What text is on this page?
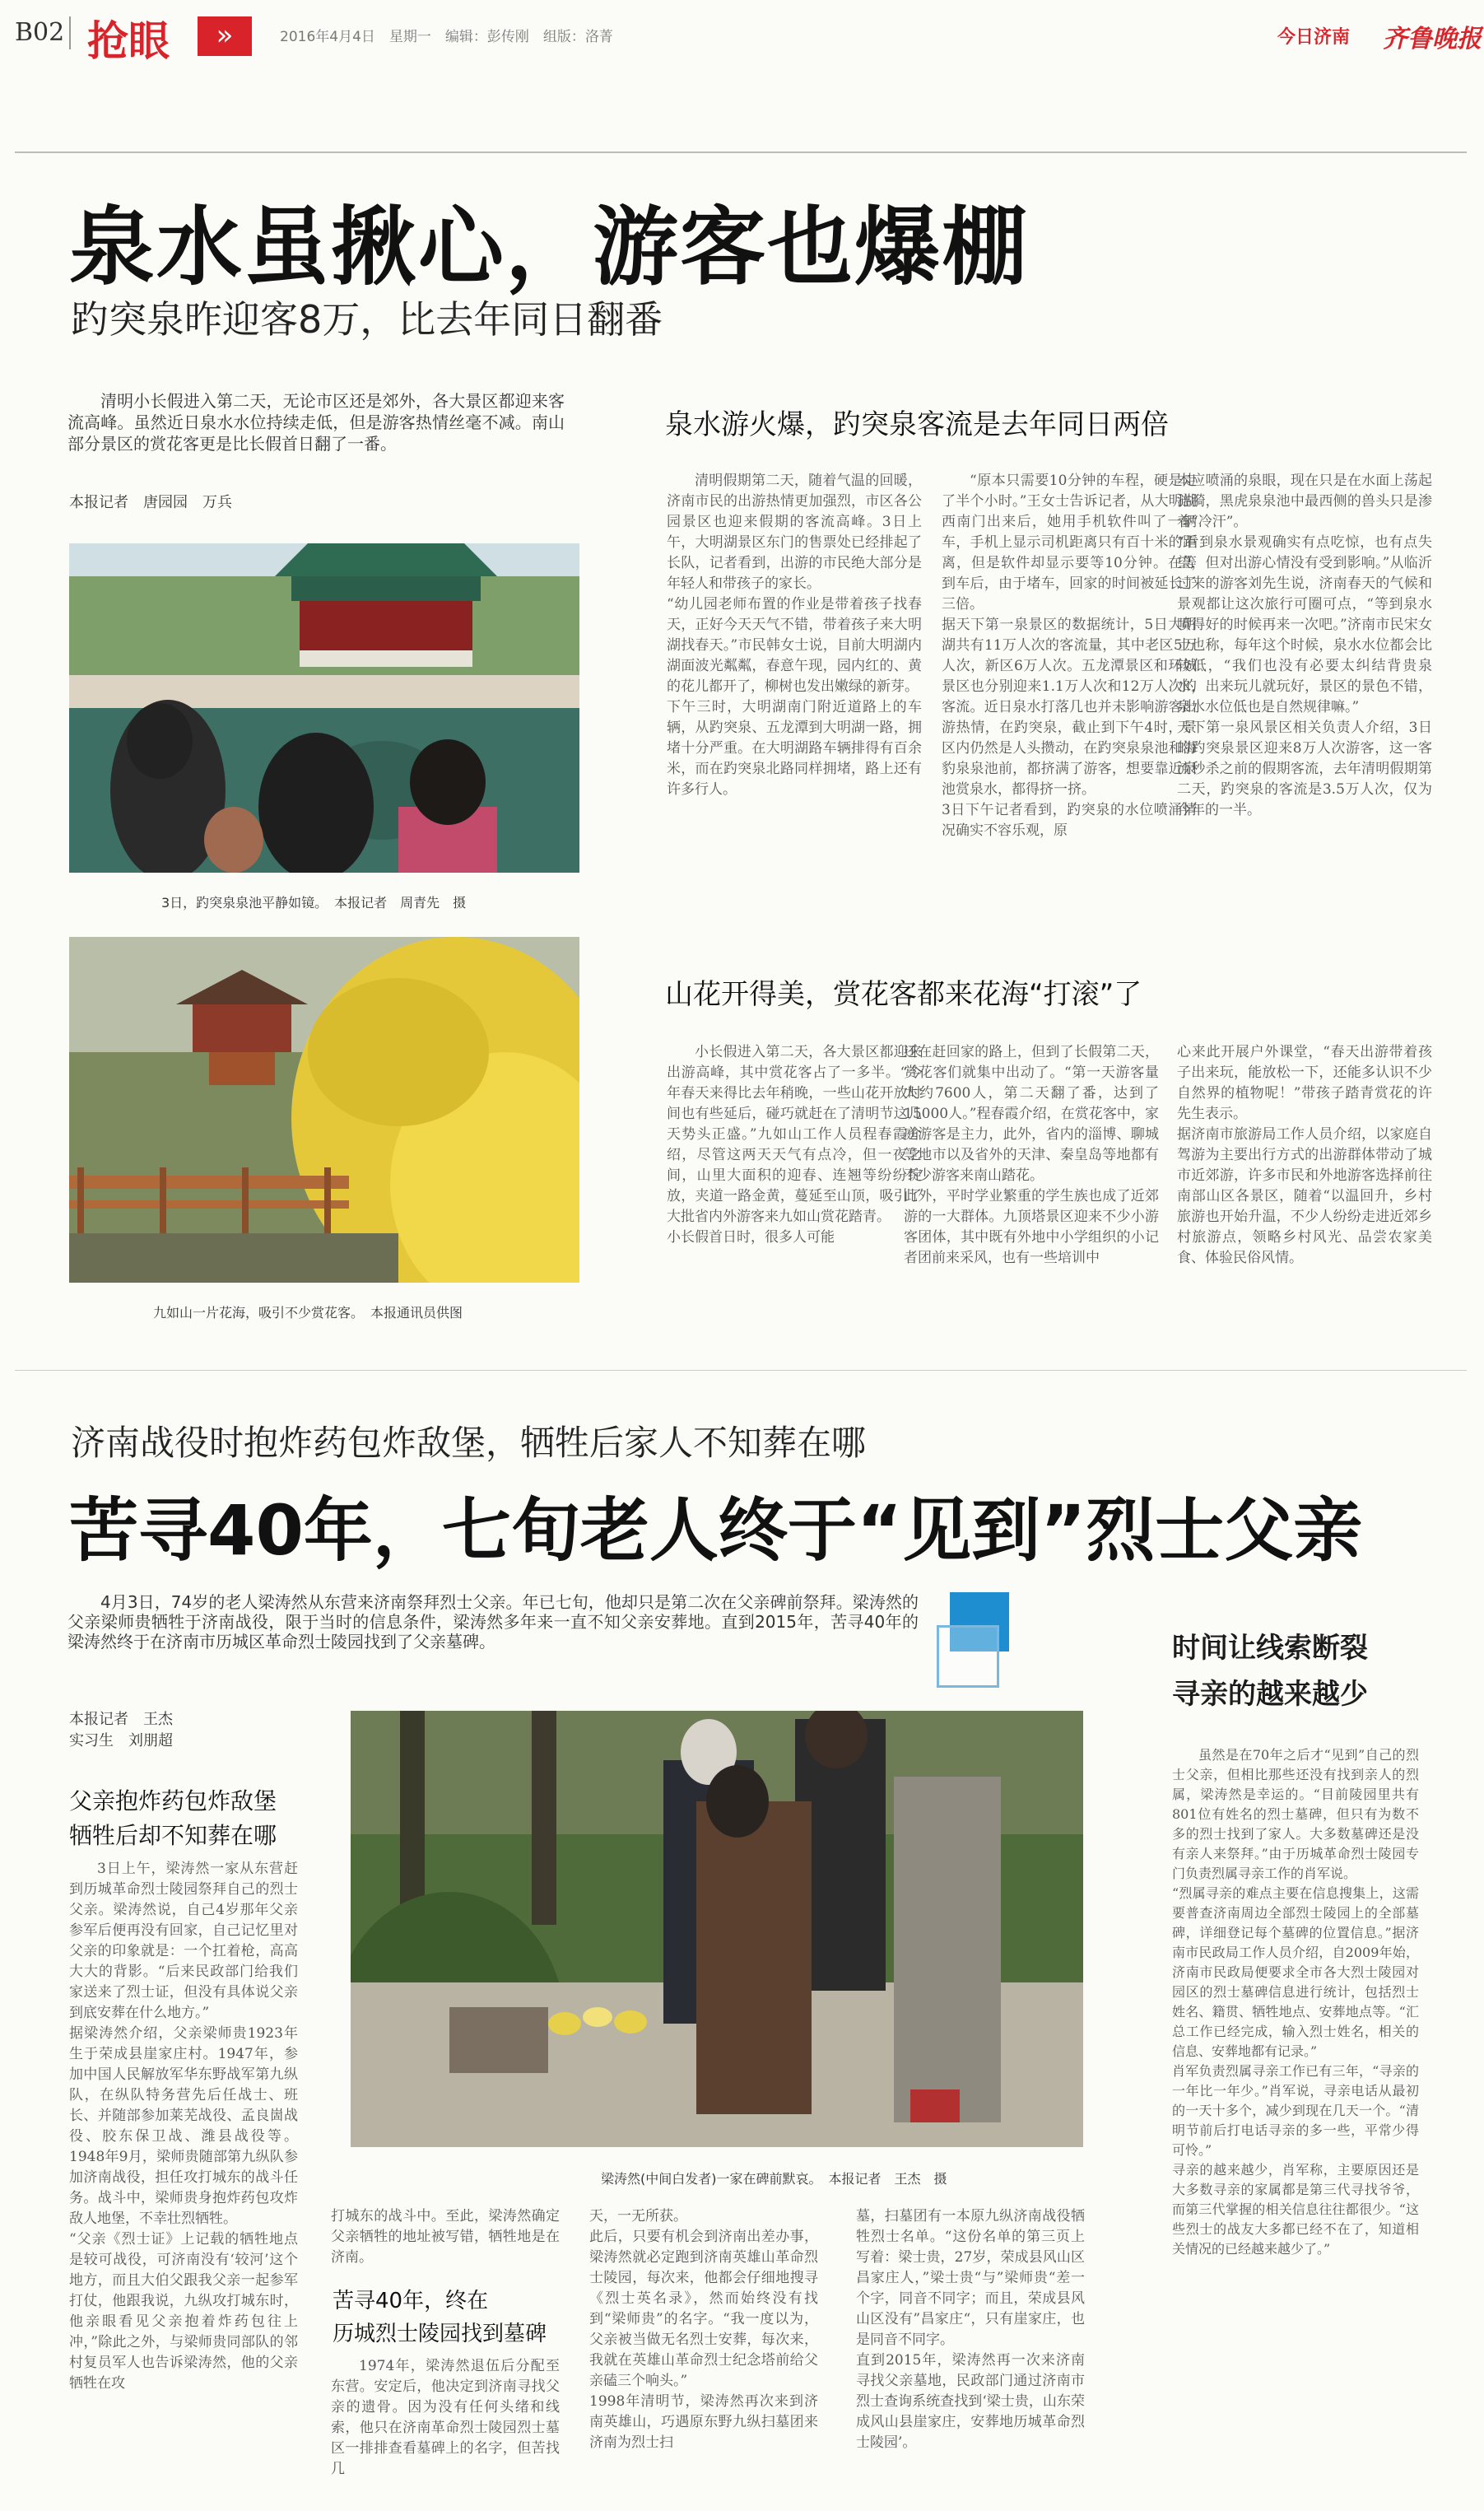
B02 抢眼	»	2016年4月4日　星期一　编辑：彭传刚　组版：洛菁	今日济南 齐鲁晚报
泉水虽揪心，游客也爆棚
趵突泉昨迎客8万，比去年同日翻番

清明小长假进入第二天，无论市区还是郊外，各大景区都迎来客流高峰。虽然近日泉水水位持续走低，但是游客热情丝毫不减。南山部分景区的赏花客更是比长假首日翻了一番。

本报记者　唐园园　万兵
3日，趵突泉泉池平静如镜。　本报记者　周青先　摄
九如山一片花海，吸引不少赏花客。　本报通讯员供图
泉水游火爆，趵突泉客流是去年同日两倍
清明假期第二天，随着气温的回暖，济南市民的出游热情更加强烈，市区各公园景区也迎来假期的客流高峰。3日上午，大明湖景区东门的售票处已经排起了长队，记者看到，出游的市民绝大部分是年轻人和带孩子的家长。
“幼儿园老师布置的作业是带着孩子找春天，正好今天天气不错，带着孩子来大明湖找春天。”市民韩女士说，目前大明湖内湖面波光粼粼，春意午现，园内红的、黄的花儿都开了，柳树也发出嫩绿的新芽。
下午三时，大明湖南门附近道路上的车辆，从趵突泉、五龙潭到大明湖一路，拥堵十分严重。在大明湖路车辆排得有百余米，而在趵突泉北路同样拥堵，路上还有许多行人。
“原本只需要10分钟的车程，硬是走了半个小时。”王女士告诉记者，从大明湖西南门出来后，她用手机软件叫了一辆车，手机上显示司机距离只有百十米的距离，但是软件却显示要等10分钟。在等到车后，由于堵车，回家的时间被延长了三倍。
据天下第一泉景区的数据统计，5日大明湖共有11万人次的客流量，其中老区5万人次，新区6万人次。五龙潭景区和环城景区也分别迎来1.1万人次和12万人次的客流。近日泉水打落几也并未影响游客出游热情，在趵突泉，截止到下午4时，景区内仍然是人头攒动，在趵突泉泉池和海豹泉泉池前，都挤满了游客，想要靠近泉池赏泉水，都得挤一挤。
3日下午记者看到，趵突泉的水位喷涌情况确实不容乐观，原
本应喷涌的泉眼，现在只是在水面上荡起涟漪，黑虎泉泉池中最西侧的兽头只是渗着“冷汗”。
“看到泉水景观确实有点吃惊，也有点失望，但对出游心情没有受到影响。”从临沂过来的游客刘先生说，济南春天的气候和景观都让这次旅行可圈可点，“等到泉水喷得好的时候再来一次吧。”济南市民宋女士也称，每年这个时候，泉水水位都会比较低，“我们也没有必要太纠结背贵泉水，出来玩儿就玩好，景区的景色不错，泉水水位低也是自然规律嘛。”
天下第一泉风景区相关负责人介绍，3日的趵突泉景区迎来8万人次游客，这一客流秒杀之前的假期客流，去年清明假期第二天，趵突泉的客流是3.5万人次，仅为今年的一半。
山花开得美，赏花客都来花海“打滚”了
小长假进入第二天，各大景区都迎来出游高峰，其中赏花客占了一多半。“今年春天来得比去年稍晚，一些山花开放时间也有些延后，碰巧就赶在了清明节这几天势头正盛。”九如山工作人员程春霞介绍，尽管这两天天气有点冷，但一夜之间，山里大面积的迎春、连翘等纷纷绽放，夹道一路金黄，蔓延至山顶，吸引了大批省内外游客来九如山赏花踏青。
小长假首日时，很多人可能
还在赶回家的路上，但到了长假第二天，赏花客们就集中出动了。“第一天游客量大约7600人，第二天翻了番，达到了15000人。”程春霞介绍，在赏花客中，家庭游客是主力，此外，省内的淄博、聊城等地市以及省外的天津、秦皇岛等地都有不少游客来南山踏花。
此外，平时学业繁重的学生族也成了近郊游的一大群体。九顶塔景区迎来不少小游客团体，其中既有外地中小学组织的小记者团前来采风，也有一些培训中
心来此开展户外课堂，“春天出游带着孩子出来玩，能放松一下，还能多认识不少自然界的植物呢！”带孩子踏青赏花的许先生表示。
据济南市旅游局工作人员介绍，以家庭自驾游为主要出行方式的出游群体带动了城市近郊游，许多市民和外地游客选择前往南部山区各景区，随着“以温回升，乡村旅游也开始升温，不少人纷纷走进近郊乡村旅游点，领略乡村风光、品尝农家美食、体验民俗风情。
济南战役时抱炸药包炸敌堡，牺牲后家人不知葬在哪
苦寻40年，七旬老人终于“见到”烈士父亲

4月3日，74岁的老人梁涛然从东营来济南祭拜烈士父亲。年已七旬，他却只是第二次在父亲碑前祭拜。梁涛然的父亲梁师贵牺牲于济南战役，限于当时的信息条件，梁涛然多年来一直不知父亲安葬地。直到2015年，苦寻40年的梁涛然终于在济南市历城区革命烈士陵园找到了父亲墓碑。	时间让线索断裂
寻亲的越来越少
本报记者　王杰
实习生　刘朋超
父亲抱炸药包炸敌堡
牺牲后却不知葬在哪
3日上午，梁涛然一家从东营赶到历城革命烈士陵园祭拜自己的烈士父亲。梁涛然说，自己4岁那年父亲参军后便再没有回家，自己记忆里对父亲的印象就是：一个扛着枪，高高大大的背影。“后来民政部门给我们家送来了烈士证，但没有具体说父亲到底安葬在什么地方。”
据梁涛然介绍，父亲梁师贵1923年生于荣成县崖家庄村。1947年，参加中国人民解放军华东野战军第九纵队，在纵队特务营先后任战士、班长、并随部参加莱芜战役、孟良崮战役、胶东保卫战、潍县战役等。1948年9月，梁师贵随部第九纵队参加济南战役，担任攻打城东的战斗任务。战斗中，梁师贵身抱炸药包攻炸敌人地堡，不幸壮烈牺牲。
“父亲《烈士证》上记载的牺牲地点是较可战役，可济南没有‘较河’这个地方，而且大伯父跟我父亲一起参军打仗，他跟我说，九纵攻打城东时，他亲眼看见父亲抱着炸药包往上冲，”除此之外，与梁师贵同部队的邻村复员军人也告诉梁涛然，他的父亲牺牲在攻
梁涛然(中间白发者)一家在碑前默哀。　本报记者　王杰　摄
打城东的战斗中。至此，梁涛然确定父亲牺牲的地址被写错，牺牲地是在济南。
苦寻40年，终在
历城烈士陵园找到墓碑
1974年，梁涛然退伍后分配至东营。安定后，他决定到济南寻找父亲的遗骨。因为没有任何头绪和线索，他只在济南革命烈士陵园烈士墓区一排排查看墓碑上的名字，但苦找几
天，一无所获。
此后，只要有机会到济南出差办事，梁涛然就必定跑到济南英雄山革命烈士陵园，每次来，他都会仔细地搜寻《烈士英名录》，然而始终没有找到“梁师贵”的名字。“我一度以为，父亲被当做无名烈士安葬，每次来，我就在英雄山革命烈士纪念塔前给父亲磕三个响头。”
1998年清明节，梁涛然再次来到济南英雄山，巧遇原东野九纵扫墓团来济南为烈士扫
墓，扫墓团有一本原九纵济南战役牺牲烈士名单。“这份名单的第三页上写着：梁士贵，27岁，荣成县风山区昌家庄人，”梁士贵“与”梁师贵“差一个字，同音不同字；而且，荣成县风山区没有”昌家庄“，只有崖家庄，也是同音不同字。
直到2015年，梁涛然再一次来济南寻找父亲墓地，民政部门通过济南市烈士查询系统查找到‘梁士贵，山东荣成风山县崖家庄，安葬地历城革命烈士陵园’。
虽然是在70年之后才“见到”自己的烈士父亲，但相比那些还没有找到亲人的烈属，梁涛然是幸运的。“目前陵园里共有801位有姓名的烈士墓碑，但只有为数不多的烈士找到了家人。大多数墓碑还是没有亲人来祭拜。”由于历城革命烈士陵园专门负责烈属寻亲工作的肖军说。
“烈属寻亲的难点主要在信息搜集上，这需要普查济南周边全部烈士陵园上的全部墓碑，详细登记每个墓碑的位置信息。”据济南市民政局工作人员介绍，自2009年始，济南市民政局便要求全市各大烈士陵园对园区的烈士墓碑信息进行统计，包括烈士姓名、籍贯、牺牲地点、安葬地点等。“汇总工作已经完成，输入烈士姓名，相关的信息、安葬地都有记录。”
肖军负责烈属寻亲工作已有三年，“寻亲的一年比一年少。”肖军说，寻亲电话从最初的一天十多个，减少到现在几天一个。“清明节前后打电话寻亲的多一些，平常少得可怜。”
寻亲的越来越少，肖军称，主要原因还是大多数寻亲的家属都是第三代寻找爷爷，而第三代掌握的相关信息往往都很少。“这些烈士的战友大多都已经不在了，知道相关情况的已经越来越少了。”
